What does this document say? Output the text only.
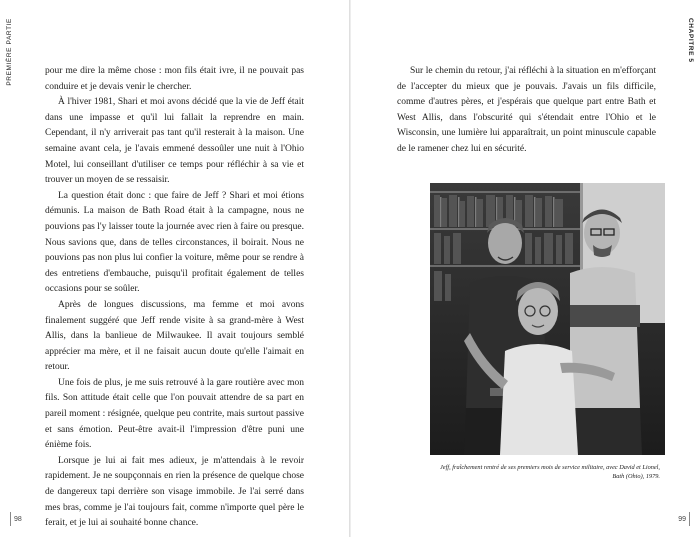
PREMIÈRE PARTIE	pour me dire la même chose : mon fils était ivre, il ne pouvait pas conduire et je devais venir le chercher.

À l'hiver 1981, Shari et moi avons décidé que la vie de Jeff était dans une impasse et qu'il lui fallait la reprendre en main. Cependant, il n'y arriverait pas tant qu'il resterait à la maison. Une semaine avant cela, je l'avais emmené dessoûler une nuit à l'Ohio Motel, lui conseillant d'utiliser ce temps pour réfléchir à sa vie et trouver un moyen de se ressaisir.

La question était donc : que faire de Jeff ? Shari et moi étions démunis. La maison de Bath Road était à la campagne, nous ne pouvions pas l'y laisser toute la journée avec rien à faire ou presque. Nous savions que, dans de telles circonstances, il boirait. Nous ne pouvions pas non plus lui confier la voiture, même pour se rendre à des entretiens d'embauche, puisqu'il profitait également de telles occasions pour se soûler.

Après de longues discussions, ma femme et moi avons finalement suggéré que Jeff rende visite à sa grand-mère à West Allis, dans la banlieue de Milwaukee. Il avait toujours semblé apprécier ma mère, et il ne faisait aucun doute qu'elle l'aimait en retour.

Une fois de plus, je me suis retrouvé à la gare routière avec mon fils. Son attitude était celle que l'on pouvait attendre de sa part en pareil moment : résignée, quelque peu contrite, mais surtout passive et sans émotion. Peut-être avait-il l'impression d'être puni une énième fois.

Lorsque je lui ai fait mes adieux, je m'attendais à le revoir rapidement. Je ne soupçonnais en rien la présence de quelque chose de dangereux tapi derrière son visage immobile. Je l'ai serré dans mes bras, comme je l'ai toujours fait, comme n'importe quel père le ferait, et je lui ai souhaité bonne chance.

98
CHAPITRE 5

Sur le chemin du retour, j'ai réfléchi à la situation en m'efforçant de l'accepter du mieux que je pouvais. J'avais un fils difficile, comme d'autres pères, et j'espérais que quelque part entre Bath et West Allis, dans l'obscurité qui s'étendait entre l'Ohio et le Wisconsin, une lumière lui apparaîtrait, un point minuscule capable de le ramener chez lui en sécurité.

99
Jeff, fraîchement rentré de ses premiers mois de service militaire, avec David et Lionel, Bath (Ohio), 1979.
